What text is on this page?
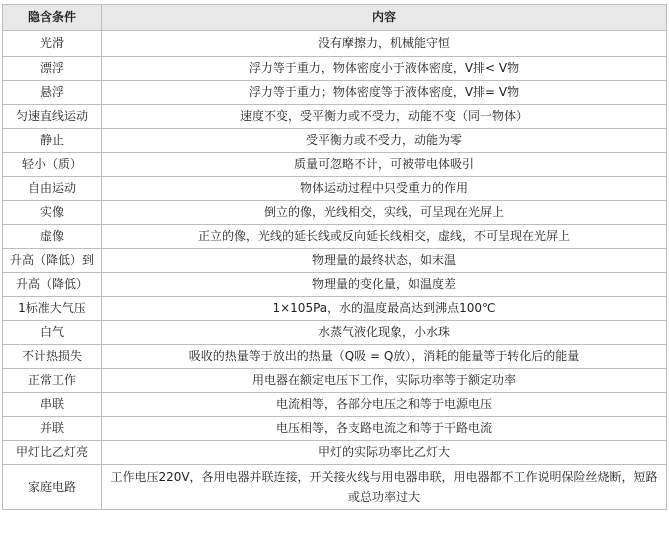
隐含条件	内容
光滑	没有摩擦力，机械能守恒
漂浮	浮力等于重力，物体密度小于液体密度，V排< V物
悬浮	浮力等于重力；物体密度等于液体密度，V排= V物
匀速直线运动	速度不变，受平衡力或不受力，动能不变（同一物体）
静止	受平衡力或不受力，动能为零
轻小（质）	质量可忽略不计，可被带电体吸引
自由运动	物体运动过程中只受重力的作用
实像	倒立的像，光线相交，实线，可呈现在光屏上
虚像	正立的像，光线的延长线或反向延长线相交，虚线，不可呈现在光屏上
升高（降低）到	物理量的最终状态，如末温
升高（降低）	物理量的变化量，如温度差
1标准大气压	1×105Pa，水的温度最高达到沸点100℃
白气	水蒸气液化现象，小水珠
不计热损失	吸收的热量等于放出的热量（Q吸 = Q放），消耗的能量等于转化后的能量
正常工作	用电器在额定电压下工作，实际功率等于额定功率
串联	电流相等，各部分电压之和等于电源电压
并联	电压相等，各支路电流之和等于干路电流
甲灯比乙灯亮	甲灯的实际功率比乙灯大
家庭电路	工作电压220V，各用电器并联连接，开关接火线与用电器串联，用电器都不工作说明保险丝烧断，短路或总功率过大
